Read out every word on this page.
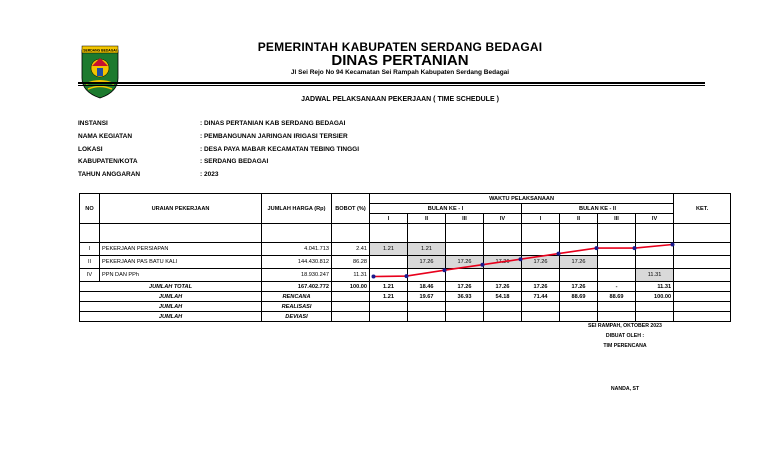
SERDANG BEDAGAI	PEMERINTAH KABUPATEN SERDANG BEDAGAI
DINAS PERTANIAN
Jl Sei Rejo No 94 Kecamatan Sei Rampah Kabupaten Serdang Bedagai
JADWAL PELAKSANAAN PEKERJAAN ( TIME SCHEDULE )
INSTANSI	: DINAS PERTANIAN KAB SERDANG BEDAGAI
NAMA KEGIATAN	: PEMBANGUNAN JARINGAN IRIGASI TERSIER
LOKASI	: DESA PAYA MABAR KECAMATAN TEBING TINGGI
KABUPATEN/KOTA	: SERDANG BEDAGAI
TAHUN ANGGARAN	: 2023
NO	URAIAN PEKERJAAN	JUMLAH HARGA (Rp)	BOBOT (%)	WAKTU PELAKSANAAN								KET.
				BULAN KE - I				BULAN KE - II				
				I	II	III	IV	I	II	III	IV	

I	PEKERJAAN PERSIAPAN	4.041.713	2.41	1.21	1.21							
II	PEKERJAAN PAS BATU KALI	144.430.812	86.28		17.26	17.26	17.26	17.26	17.26			
IV	PPN DAN PPh	18.930.247	11.31								11.31	
JUMLAH TOTAL		167.402.772	100.00	1.21	18.46	17.26	17.26	17.26	17.26	-	11.31	
JUMLAH		RENCANA		1.21	19.67	36.93	54.18	71.44	88.69	88.69	100.00	
JUMLAH		REALISASI										
JUMLAH		DEVIASI										
SEI RAMPAH, OKTOBER 2023
DIBUAT OLEH :
TIM PERENCANA
NANDA, ST
